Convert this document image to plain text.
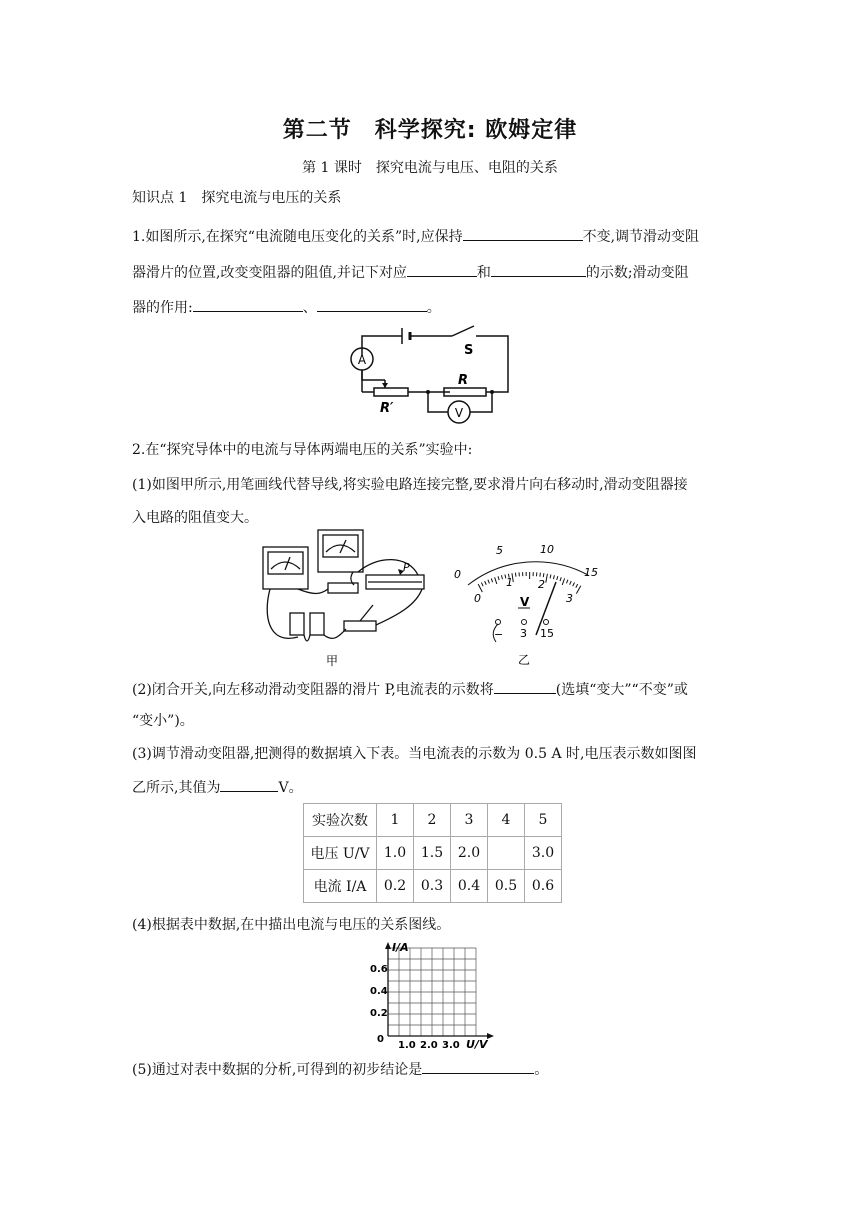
第二节　科学探究: 欧姆定律
第 1 课时　探究电流与电压、电阻的关系
知识点 1　探究电流与电压的关系
1.如图所示,在探究“电流随电压变化的关系”时,应保持	不变,调节滑动变阻
器滑片的位置,改变变阻器的阻值,并记下对应	和	的示数;滑动变阻
器的作用:	、	。
A
V
S
R
R′
2.在“探究导体中的电流与导体两端电压的关系”实验中:
(1)如图甲所示,用笔画线代替导线,将实验电路连接完整,要求滑片向右移动时,滑动变阻器接
入电路的阻值变大。
P
甲
0
5	10
15
0
1 2
3
V
− 3 15
乙
(2)闭合开关,向左移动滑动变阻器的滑片 P,电流表的示数将	(选填“变大”“不变”或
“变小”)。
(3)调节滑动变阻器,把测得的数据填入下表。当电流表的示数为 0.5 A 时,电压表示数如图图
乙所示,其值为	V。
实验次数	1	2	3	4	5
电压 U/V	1.0	1.5	2.0		3.0
电流 I/A	0.2	0.3	0.4	0.5	0.6
(4)根据表中数据,在中描出电流与电压的关系图线。
I/A
U/V
0.6
0.4
0.2
0
1.0 2.0 3.0
(5)通过对表中数据的分析,可得到的初步结论是	。
